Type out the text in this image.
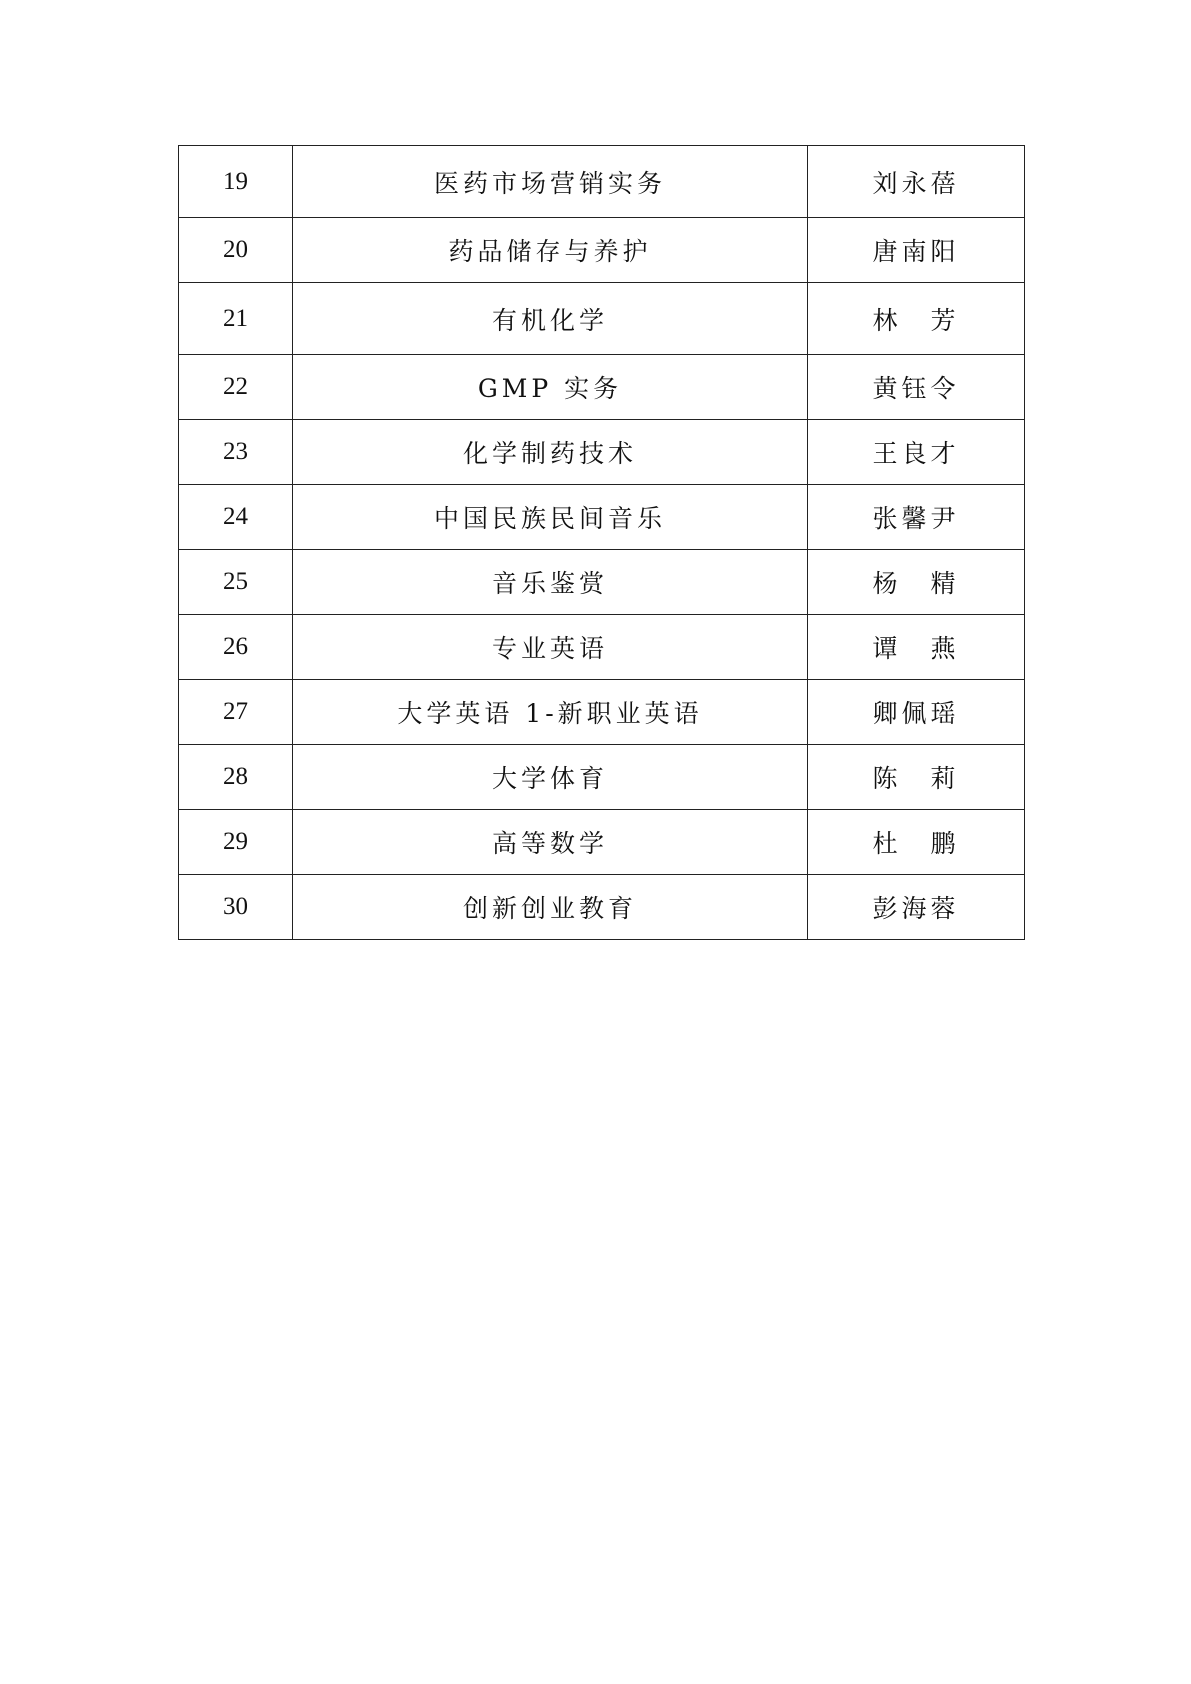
19	医药市场营销实务	刘永蓓
20	药品储存与养护	唐南阳
21	有机化学	林　芳
22	GMP 实务	黄钰令
23	化学制药技术	王良才
24	中国民族民间音乐	张馨尹
25	音乐鉴赏	杨　精
26	专业英语	谭　燕
27	大学英语 1-新职业英语	卿佩瑶
28	大学体育	陈　莉
29	高等数学	杜　鹏
30	创新创业教育	彭海蓉
